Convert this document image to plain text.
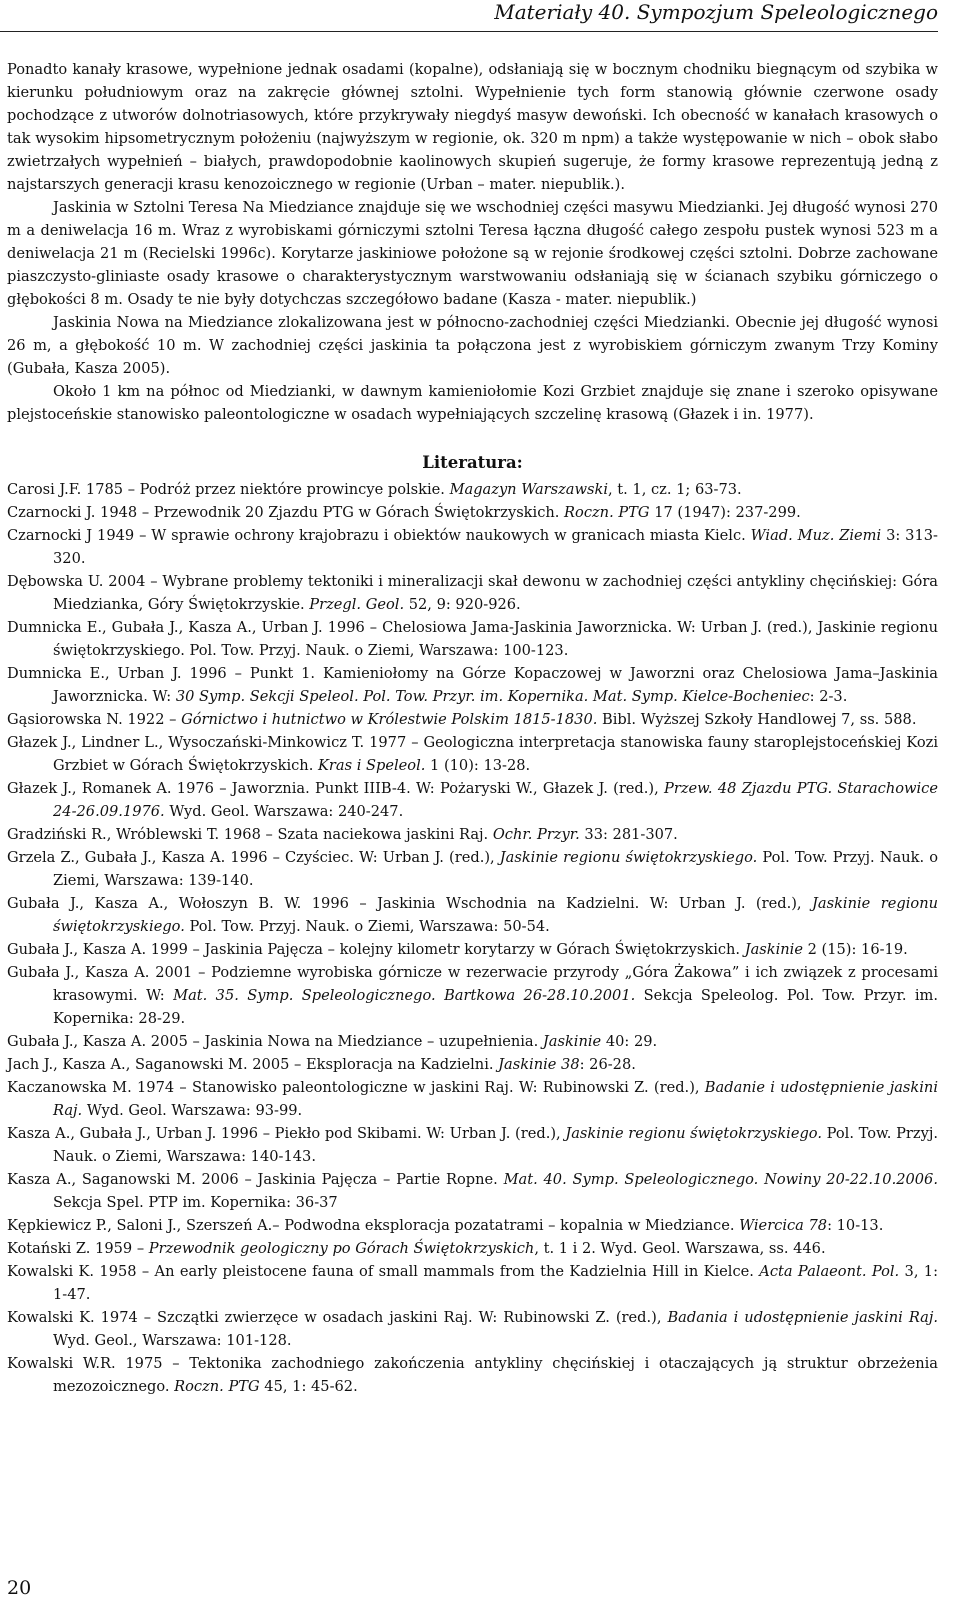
Materiały 40. Sympozjum Speleologicznego

Ponadto kanały krasowe, wypełnione jednak osadami (kopalne), odsłaniają się w bocznym chodniku biegnącym od szybika w kierunku południowym oraz na zakręcie głównej sztolni. Wypełnienie tych form stanowią głównie czerwone osady pochodzące z utworów dolnotriasowych, które przykrywały niegdyś masyw dewoński. Ich obecność w kanałach krasowych o tak wysokim hipsometrycznym położeniu (najwyższym w regionie, ok. 320 m npm) a także występowanie w nich – obok słabo zwietrzałych wypełnień – białych, prawdopodobnie kaolinowych skupień sugeruje, że formy krasowe reprezentują jedną z najstarszych generacji krasu kenozoicznego w regionie (Urban – mater. niepublik.).

Jaskinia w Sztolni Teresa Na Miedziance znajduje się we wschodniej części masywu Miedzianki. Jej długość wynosi 270 m a deniwelacja 16 m. Wraz z wyrobiskami górniczymi sztolni Teresa łączna długość całego zespołu pustek wynosi 523 m a deniwelacja 21 m (Recielski 1996c). Korytarze jaskiniowe położone są w rejonie środkowej części sztolni. Dobrze zachowane piaszczysto-gliniaste osady krasowe o charakterystycznym warstwowaniu odsłaniają się w ścianach szybiku górniczego o głębokości 8 m. Osady te nie były dotychczas szczegółowo badane (Kasza - mater. niepublik.)

Jaskinia Nowa na Miedziance zlokalizowana jest w północno-zachodniej części Miedzianki. Obecnie jej długość wynosi 26 m, a głębokość 10 m. W zachodniej części jaskinia ta połączona jest z wyrobiskiem górniczym zwanym Trzy Kominy (Gubała, Kasza 2005).

Około 1 km na północ od Miedzianki, w dawnym kamieniołomie Kozi Grzbiet znajduje się znane i szeroko opisywane plejstoceńskie stanowisko paleontologiczne w osadach wypełniających szczelinę krasową (Głazek i in. 1977).

Literatura:

Carosi J.F. 1785 – Podróż przez niektóre prowincye polskie. Magazyn Warszawski, t. 1, cz. 1; 63-73.

Czarnocki J. 1948 – Przewodnik 20 Zjazdu PTG w Górach Świętokrzyskich. Roczn. PTG 17 (1947): 237-299.

Czarnocki J 1949 – W sprawie ochrony krajobrazu i obiektów naukowych w granicach miasta Kielc. Wiad. Muz. Ziemi 3: 313-320.

Dębowska U. 2004 – Wybrane problemy tektoniki i mineralizacji skał dewonu w zachodniej części antykliny chęcińskiej: Góra Miedzianka, Góry Świętokrzyskie. Przegl. Geol. 52, 9: 920-926.

Dumnicka E., Gubała J., Kasza A., Urban J. 1996 – Chelosiowa Jama-Jaskinia Jaworznicka. W: Urban J. (red.), Jaskinie regionu świętokrzyskiego. Pol. Tow. Przyj. Nauk. o Ziemi, Warszawa: 100-123.

Dumnicka E., Urban J. 1996 – Punkt 1. Kamieniołomy na Górze Kopaczowej w Jaworzni oraz Chelosiowa Jama–Jaskinia Jaworznicka. W: 30 Symp. Sekcji Speleol. Pol. Tow. Przyr. im. Kopernika. Mat. Symp. Kielce-Bocheniec: 2-3.

Gąsiorowska N. 1922 – Górnictwo i hutnictwo w Królestwie Polskim 1815-1830. Bibl. Wyższej Szkoły Handlowej 7, ss. 588.

Głazek J., Lindner L., Wysoczański-Minkowicz T. 1977 – Geologiczna interpretacja stanowiska fauny staroplejstoceńskiej Kozi Grzbiet w Górach Świętokrzyskich. Kras i Speleol. 1 (10): 13-28.

Głazek J., Romanek A. 1976 – Jaworznia. Punkt IIIB-4. W: Pożaryski W., Głazek J. (red.), Przew. 48 Zjazdu PTG. Starachowice 24-26.09.1976. Wyd. Geol. Warszawa: 240-247.

Gradziński R., Wróblewski T. 1968 – Szata naciekowa jaskini Raj. Ochr. Przyr. 33: 281-307.

Grzela Z., Gubała J., Kasza A. 1996 – Czyściec. W: Urban J. (red.), Jaskinie regionu świętokrzyskiego. Pol. Tow. Przyj. Nauk. o Ziemi, Warszawa: 139-140.

Gubała J., Kasza A., Wołoszyn B. W. 1996 – Jaskinia Wschodnia na Kadzielni. W: Urban J. (red.), Jaskinie regionu świętokrzyskiego. Pol. Tow. Przyj. Nauk. o Ziemi, Warszawa: 50-54.

Gubała J., Kasza A. 1999 – Jaskinia Pajęcza – kolejny kilometr korytarzy w Górach Świętokrzyskich. Jaskinie 2 (15): 16-19.

Gubała J., Kasza A. 2001 – Podziemne wyrobiska górnicze w rezerwacie przyrody „Góra Żakowa” i ich związek z procesami krasowymi. W: Mat. 35. Symp. Speleologicznego. Bartkowa 26-28.10.2001. Sekcja Speleolog. Pol. Tow. Przyr. im. Kopernika: 28-29.

Gubała J., Kasza A. 2005 – Jaskinia Nowa na Miedziance – uzupełnienia. Jaskinie 40: 29.

Jach J., Kasza A., Saganowski M. 2005 – Eksploracja na Kadzielni. Jaskinie 38: 26-28.

Kaczanowska M. 1974 – Stanowisko paleontologiczne w jaskini Raj. W: Rubinowski Z. (red.), Badanie i udostępnienie jaskini Raj. Wyd. Geol. Warszawa: 93-99.

Kasza A., Gubała J., Urban J. 1996 – Piekło pod Skibami. W: Urban J. (red.), Jaskinie regionu świętokrzyskiego. Pol. Tow. Przyj. Nauk. o Ziemi, Warszawa: 140-143.

Kasza A., Saganowski M. 2006 – Jaskinia Pajęcza – Partie Ropne. Mat. 40. Symp. Speleologicznego. Nowiny 20-22.10.2006. Sekcja Spel. PTP im. Kopernika: 36-37

Kępkiewicz P., Saloni J., Szerszeń A.– Podwodna eksploracja pozatatrami – kopalnia w Miedziance. Wiercica 78: 10-13.

Kotański Z. 1959 – Przewodnik geologiczny po Górach Świętokrzyskich, t. 1 i 2. Wyd. Geol. Warszawa, ss. 446.

Kowalski K. 1958 – An early pleistocene fauna of small mammals from the Kadzielnia Hill in Kielce. Acta Palaeont. Pol. 3, 1: 1-47.

Kowalski K. 1974 – Szczątki zwierzęce w osadach jaskini Raj. W: Rubinowski Z. (red.), Badania i udostępnienie jaskini Raj. Wyd. Geol., Warszawa: 101-128.

Kowalski W.R. 1975 – Tektonika zachodniego zakończenia antykliny chęcińskiej i otaczających ją struktur obrzeżenia mezozoicznego. Roczn. PTG 45, 1: 45-62.

20
